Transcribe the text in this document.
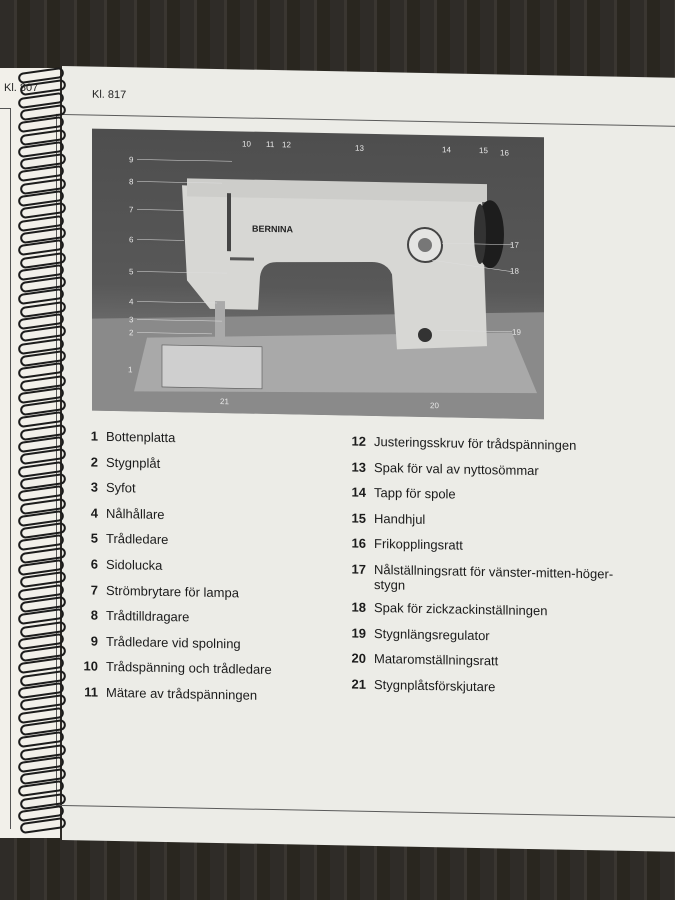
Kl. 807
Kl. 817
BERNINA
9
8
7
6
5
4
3
2
1
10 11 12	13	14	15 16
17
18
19
20
21
1 Bottenplatta
2 Stygnplåt
3 Syfot
4 Nålhållare
5 Trådledare
6 Sidolucka
7 Strömbrytare för lampa
8 Trådtilldragare
9 Trådledare vid spolning
10 Trådspänning och trådledare
11 Mätare av trådspänningen
12 Justeringsskruv för trådspänningen
13 Spak för val av nyttosömmar
14 Tapp för spole
15 Handhjul
16 Frikopplingsratt
17 Nålställningsratt för vänster-mitten-höger-stygn
18 Spak för zickzackinställningen
19 Stygnlängsregulator
20 Mataromställningsratt
21 Stygnplåtsförskjutare
